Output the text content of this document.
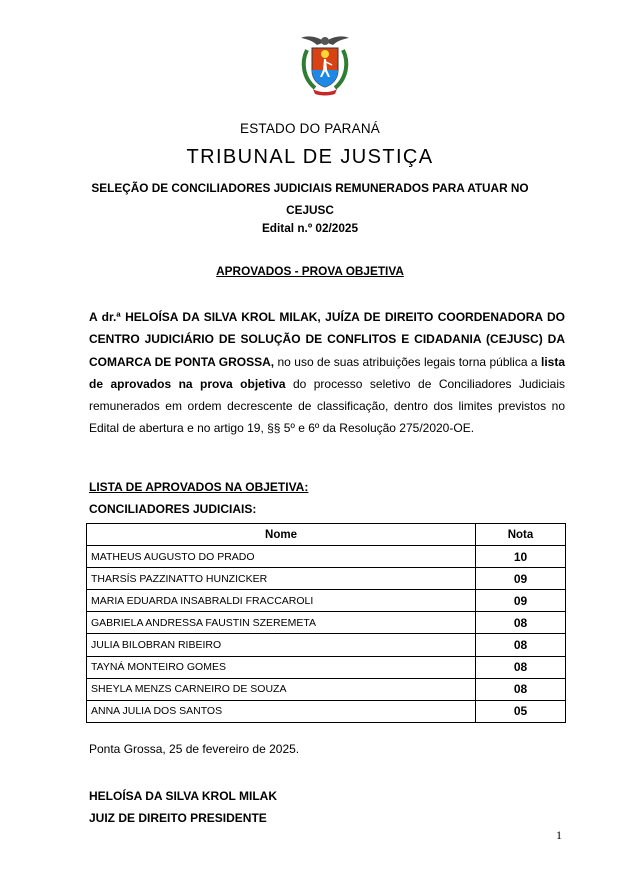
ESTADO DO PARANÁ
TRIBUNAL DE JUSTIÇA
SELEÇÃO DE CONCILIADORES JUDICIAIS REMUNERADOS PARA ATUAR NO
CEJUSC
Edital n.º 02/2025
APROVADOS - PROVA OBJETIVA
A dr.ª HELOÍSA DA SILVA KROL MILAK, JUÍZA DE DIREITO COORDENADORA DO CENTRO JUDICIÁRIO DE SOLUÇÃO DE CONFLITOS E CIDADANIA (CEJUSC) DA COMARCA DE PONTA GROSSA, no uso de suas atribuições legais torna pública a lista de aprovados na prova objetiva do processo seletivo de Conciliadores Judiciais remunerados em ordem decrescente de classificação, dentro dos limites previstos no Edital de abertura e no artigo 19, §§ 5º e 6º da Resolução 275/2020-OE.
LISTA DE APROVADOS NA OBJETIVA:
CONCILIADORES JUDICIAIS:
Nome	Nota
MATHEUS AUGUSTO DO PRADO	10
THARSÍS PAZZINATTO HUNZICKER	09
MARIA EDUARDA INSABRALDI FRACCAROLI	09
GABRIELA ANDRESSA FAUSTIN SZEREMETA	08
JULIA BILOBRAN RIBEIRO	08
TAYNÁ MONTEIRO GOMES	08
SHEYLA MENZS CARNEIRO DE SOUZA	08
ANNA JULIA DOS SANTOS	05
Ponta Grossa, 25 de fevereiro de 2025.
HELOÍSA DA SILVA KROL MILAK
JUIZ DE DIREITO PRESIDENTE
1
